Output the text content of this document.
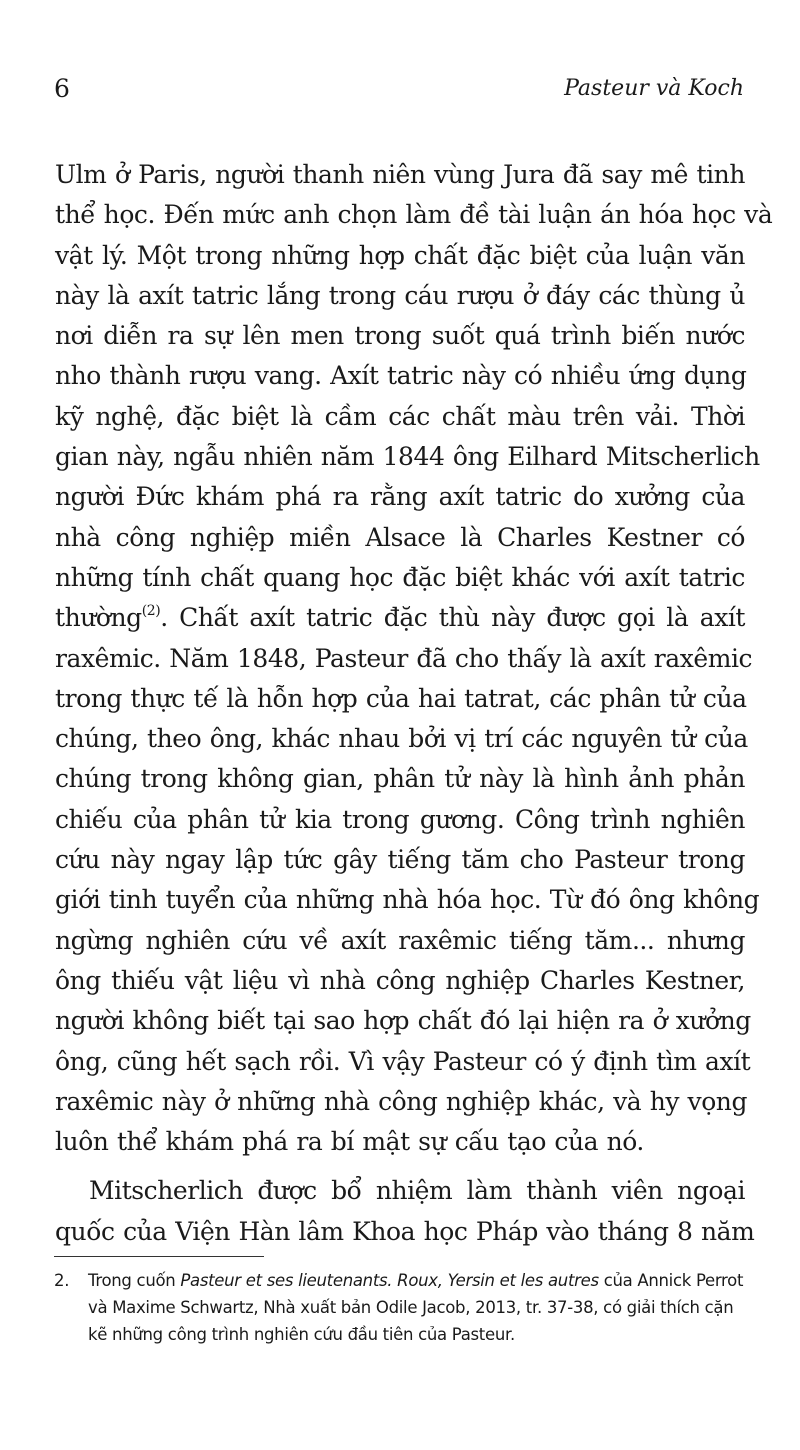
6	Pasteur và Koch
Ulm ở Paris, người thanh niên vùng Jura đã say mê tinh
thể học. Đến mức anh chọn làm đề tài luận án hóa học và
vật lý. Một trong những hợp chất đặc biệt của luận văn
này là axít tatric lắng trong cáu rượu ở đáy các thùng ủ
nơi diễn ra sự lên men trong suốt quá trình biến nước
nho thành rượu vang. Axít tatric này có nhiều ứng dụng
kỹ nghệ, đặc biệt là cầm các chất màu trên vải. Thời
gian này, ngẫu nhiên năm 1844 ông Eilhard Mitscherlich
người Đức khám phá ra rằng axít tatric do xưởng của
nhà công nghiệp miền Alsace là Charles Kestner có
những tính chất quang học đặc biệt khác với axít tatric
thường$^{(2)}$. Chất axít tatric đặc thù này được gọi là axít
raxêmic. Năm 1848, Pasteur đã cho thấy là axít raxêmic
trong thực tế là hỗn hợp của hai tatrat, các phân tử của
chúng, theo ông, khác nhau bởi vị trí các nguyên tử của
chúng trong không gian, phân tử này là hình ảnh phản
chiếu của phân tử kia trong gương. Công trình nghiên
cứu này ngay lập tức gây tiếng tăm cho Pasteur trong
giới tinh tuyển của những nhà hóa học. Từ đó ông không
ngừng nghiên cứu về axít raxêmic tiếng tăm... nhưng
ông thiếu vật liệu vì nhà công nghiệp Charles Kestner,
người không biết tại sao hợp chất đó lại hiện ra ở xưởng
ông, cũng hết sạch rồi. Vì vậy Pasteur có ý định tìm axít
raxêmic này ở những nhà công nghiệp khác, và hy vọng
luôn thể khám phá ra bí mật sự cấu tạo của nó.
Mitscherlich được bổ nhiệm làm thành viên ngoại
quốc của Viện Hàn lâm Khoa học Pháp vào tháng 8 năm
2. Trong cuốn Pasteur et ses lieutenants. Roux, Yersin et les autres của Annick Perrot
và Maxime Schwartz, Nhà xuất bản Odile Jacob, 2013, tr. 37-38, có giải thích cặn
kẽ những công trình nghiên cứu đầu tiên của Pasteur.
